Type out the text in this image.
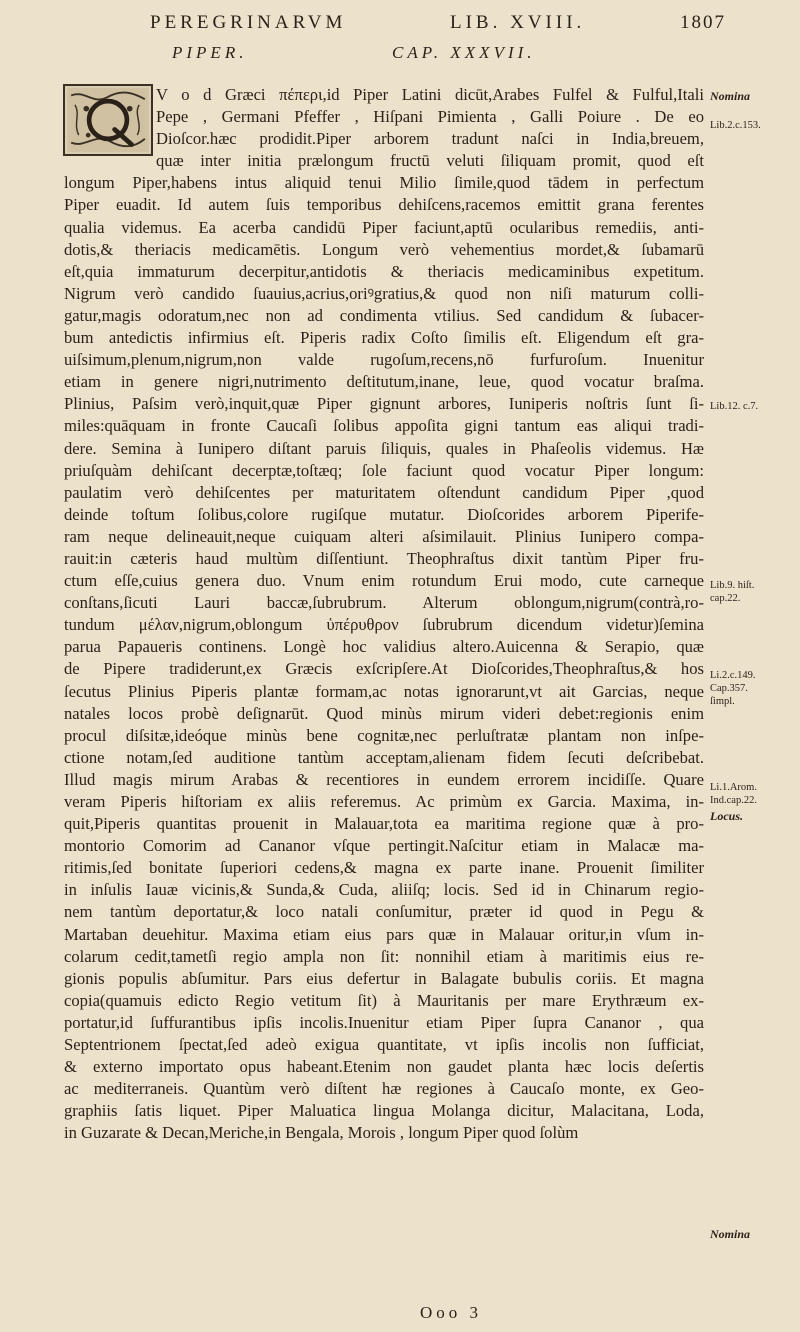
PEREGRINARVM	LIB. XVIII.	1807
PIPER.	CAP. XXXVII.
V o d Græci πέπερι,id Piper Latini dicūt,Arabes Fulfel & Fulful,Itali
Pepe , Germani Pfeffer , Hiſpani Pimienta , Galli Poiure . De eo
Dioſcor.hæc prodidit.Piper arborem tradunt naſci in India,breuem,
quæ inter initia prælongum fructū veluti ſiliquam promit, quod eſt
longum Piper,habens intus aliquid tenui Milio ſimile,quod tādem in perfectum
Piper euadit. Id autem ſuis temporibus dehiſcens,racemos emittit grana ferentes
qualia videmus. Ea acerba candidū Piper faciunt,aptū ocularibus remediis, anti-
dotis,& theriacis medicamētis. Longum verò vehementius mordet,& ſubamarū
eſt,quia immaturum decerpitur,antidotis & theriacis medicaminibus expetitum.
Nigrum verò candido ſuauius,acrius,oriꝰgratius,& quod non niſi maturum colli-
gatur,magis odoratum,nec non ad condimenta vtilius. Sed candidum & ſubacer-
bum antedictis infirmius eſt. Piperis radix Coſto ſimilis eſt. Eligendum eſt gra-
uiſsimum,plenum,nigrum,non valde rugoſum,recens,nō furfuroſum. Inuenitur
etiam in genere nigri,nutrimento deſtitutum,inane, leue, quod vocatur braſma.
Plinius, Paſsim verò,inquit,quæ Piper gignunt arbores, Iuniperis noſtris ſunt ſi-
miles:quāquam in fronte Caucaſi ſolibus appoſita gigni tantum eas aliqui tradi-
dere. Semina à Iunipero diſtant paruis ſiliquis, quales in Phaſeolis videmus. Hæ
priuſquàm dehiſcant decerptæ,toſtæq; ſole faciunt quod vocatur Piper longum:
paulatim verò dehiſcentes per maturitatem oſtendunt candidum Piper ,quod
deinde toſtum ſolibus,colore rugiſque mutatur. Dioſcorides arborem Piperife-
ram neque delineauit,neque cuiquam alteri aſsimilauit. Plinius Iunipero compa-
rauit:in cæteris haud multùm diſſentiunt. Theophraſtus dixit tantùm Piper fru-
ctum eſſe,cuius genera duo. Vnum enim rotundum Erui modo, cute carneque
conſtans,ſicuti Lauri baccæ,ſubrubrum. Alterum oblongum,nigrum(contrà,ro-
tundum μέλαν,nigrum,oblongum ὑπέρυθρον ſubrubrum dicendum videtur)ſemina
parua Papaueris continens. Longè hoc validius altero.Auicenna & Serapio, quæ
de Pipere tradiderunt,ex Græcis exſcripſere.At Dioſcorides,Theophraſtus,& hos
ſecutus Plinius Piperis plantæ formam,ac notas ignorarunt,vt ait Garcias, neque
natales locos probè deſignarūt. Quod minùs mirum videri debet:regionis enim
procul diſsitæ,ideóque minùs bene cognitæ,nec perluſtratæ plantam non inſpe-
ctione notam,ſed auditione tantùm acceptam,alienam fidem ſecuti deſcribebat.
Illud magis mirum Arabas & recentiores in eundem errorem incidiſſe. Quare
veram Piperis hiſtoriam ex aliis referemus. Ac primùm ex Garcia. Maxima, in-
quit,Piperis quantitas prouenit in Malauar,tota ea maritima regione quæ à pro-
montorio Comorim ad Cananor vſque pertingit.Naſcitur etiam in Malacæ ma-
ritimis,ſed bonitate ſuperiori cedens,& magna ex parte inane. Prouenit ſimiliter
in inſulis Iauæ vicinis,& Sunda,& Cuda, aliiſq; locis. Sed id in Chinarum regio-
nem tantùm deportatur,& loco natali conſumitur, præter id quod in Pegu &
Martaban deuehitur. Maxima etiam eius pars quæ in Malauar oritur,in vſum in-
colarum cedit,tametſi regio ampla non ſit: nonnihil etiam à maritimis eius re-
gionis populis abſumitur. Pars eius defertur in Balagate bubulis coriis. Et magna
copia(quamuis edicto Regio vetitum ſit) à Mauritanis per mare Erythræum ex-
portatur,id ſuffurantibus ipſis incolis.Inuenitur etiam Piper ſupra Cananor , qua
Septentrionem ſpectat,ſed adeò exigua quantitate, vt ipſis incolis non ſufficiat,
& externo importato opus habeant.Etenim non gaudet planta hæc locis deſertis
ac mediterraneis. Quantùm verò diſtent hæ regiones à Caucaſo monte, ex Geo-
graphiis ſatis liquet. Piper Maluatica lingua Molanga dicitur, Malacitana, Loda,
in Guzarate & Decan,Meriche,in Bengala, Morois , longum Piper quod ſolùm
Nomina
Lib.2.c.153.
Lib.12. c.7.
Lib.9. hiſt.
cap.22.
Li.2.c.149.
Cap.357.
ſimpl.
Li.1.Arom.
Ind.cap.22.
Locus.
Nomina
Ooo 3
